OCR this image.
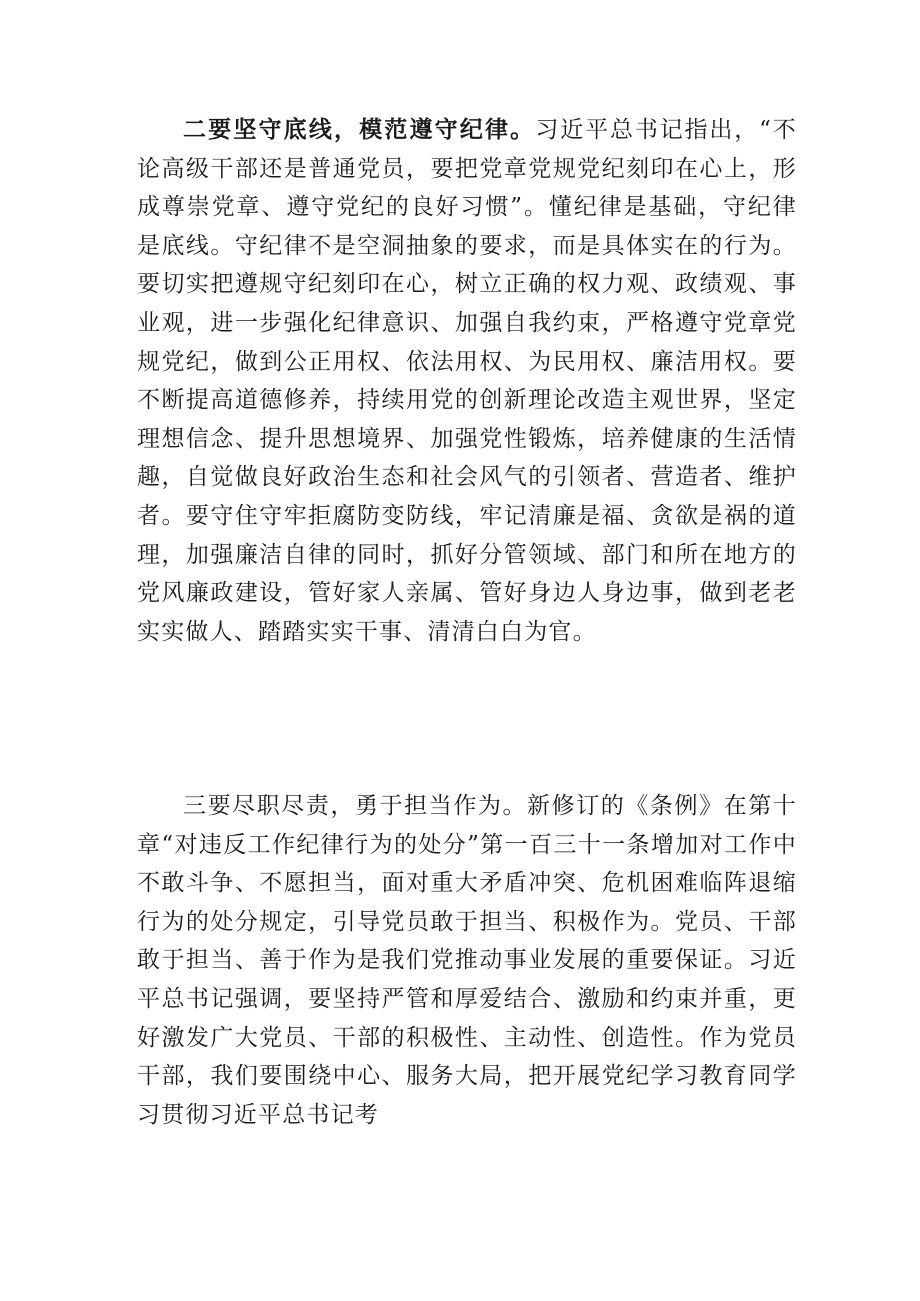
二要坚守底线，模范遵守纪律。习近平总书记指出，“不论高级干部还是普通党员，要把党章党规党纪刻印在心上，形成尊崇党章、遵守党纪的良好习惯”。懂纪律是基础，守纪律是底线。守纪律不是空洞抽象的要求，而是具体实在的行为。要切实把遵规守纪刻印在心，树立正确的权力观、政绩观、事业观，进一步强化纪律意识、加强自我约束，严格遵守党章党规党纪，做到公正用权、依法用权、为民用权、廉洁用权。要不断提高道德修养，持续用党的创新理论改造主观世界，坚定理想信念、提升思想境界、加强党性锻炼，培养健康的生活情趣，自觉做良好政治生态和社会风气的引领者、营造者、维护者。要守住守牢拒腐防变防线，牢记清廉是福、贪欲是祸的道理，加强廉洁自律的同时，抓好分管领域、部门和所在地方的党风廉政建设，管好家人亲属、管好身边人身边事，做到老老实实做人、踏踏实实干事、清清白白为官。

三要尽职尽责，勇于担当作为。新修订的《条例》在第十章“对违反工作纪律行为的处分”第一百三十一条增加对工作中不敢斗争、不愿担当，面对重大矛盾冲突、危机困难临阵退缩行为的处分规定，引导党员敢于担当、积极作为。党员、干部敢于担当、善于作为是我们党推动事业发展的重要保证。习近平总书记强调，要坚持严管和厚爱结合、激励和约束并重，更好激发广大党员、干部的积极性、主动性、创造性。作为党员干部，我们要围绕中心、服务大局，把开展党纪学习教育同学习贯彻习近平总书记考
